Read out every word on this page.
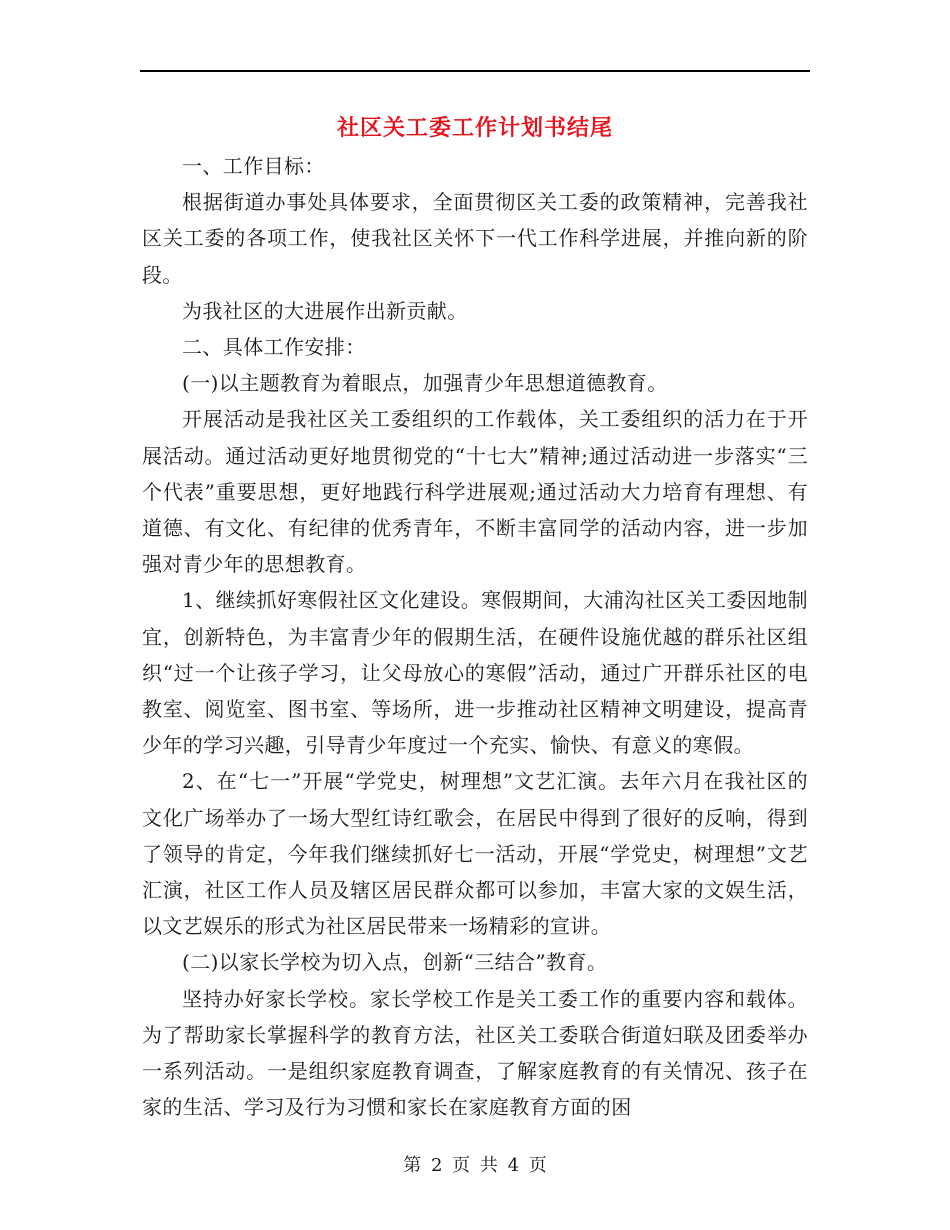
社区关工委工作计划书结尾

一、工作目标：

根据街道办事处具体要求，全面贯彻区关工委的政策精神，完善我社区关工委的各项工作，使我社区关怀下一代工作科学进展，并推向新的阶段。

为我社区的大进展作出新贡献。

二、具体工作安排：

(一)以主题教育为着眼点，加强青少年思想道德教育。

开展活动是我社区关工委组织的工作载体，关工委组织的活力在于开展活动。通过活动更好地贯彻党的“十七大”精神;通过活动进一步落实“三个代表”重要思想，更好地践行科学进展观;通过活动大力培育有理想、有道德、有文化、有纪律的优秀青年，不断丰富同学的活动内容，进一步加强对青少年的思想教育。

1、继续抓好寒假社区文化建设。寒假期间，大浦沟社区关工委因地制宜，创新特色，为丰富青少年的假期生活，在硬件设施优越的群乐社区组织“过一个让孩子学习，让父母放心的寒假”活动，通过广开群乐社区的电教室、阅览室、图书室、等场所，进一步推动社区精神文明建设，提高青少年的学习兴趣，引导青少年度过一个充实、愉快、有意义的寒假。

2、在“七一”开展“学党史，树理想”文艺汇演。去年六月在我社区的文化广场举办了一场大型红诗红歌会，在居民中得到了很好的反响，得到了领导的肯定，今年我们继续抓好七一活动，开展“学党史，树理想”文艺汇演，社区工作人员及辖区居民群众都可以参加，丰富大家的文娱生活，以文艺娱乐的形式为社区居民带来一场精彩的宣讲。

(二)以家长学校为切入点，创新“三结合”教育。

坚持办好家长学校。家长学校工作是关工委工作的重要内容和载体。为了帮助家长掌握科学的教育方法，社区关工委联合街道妇联及团委举办一系列活动。一是组织家庭教育调查，了解家庭教育的有关情况、孩子在家的生活、学习及行为习惯和家长在家庭教育方面的困

第 2 页 共 4 页
